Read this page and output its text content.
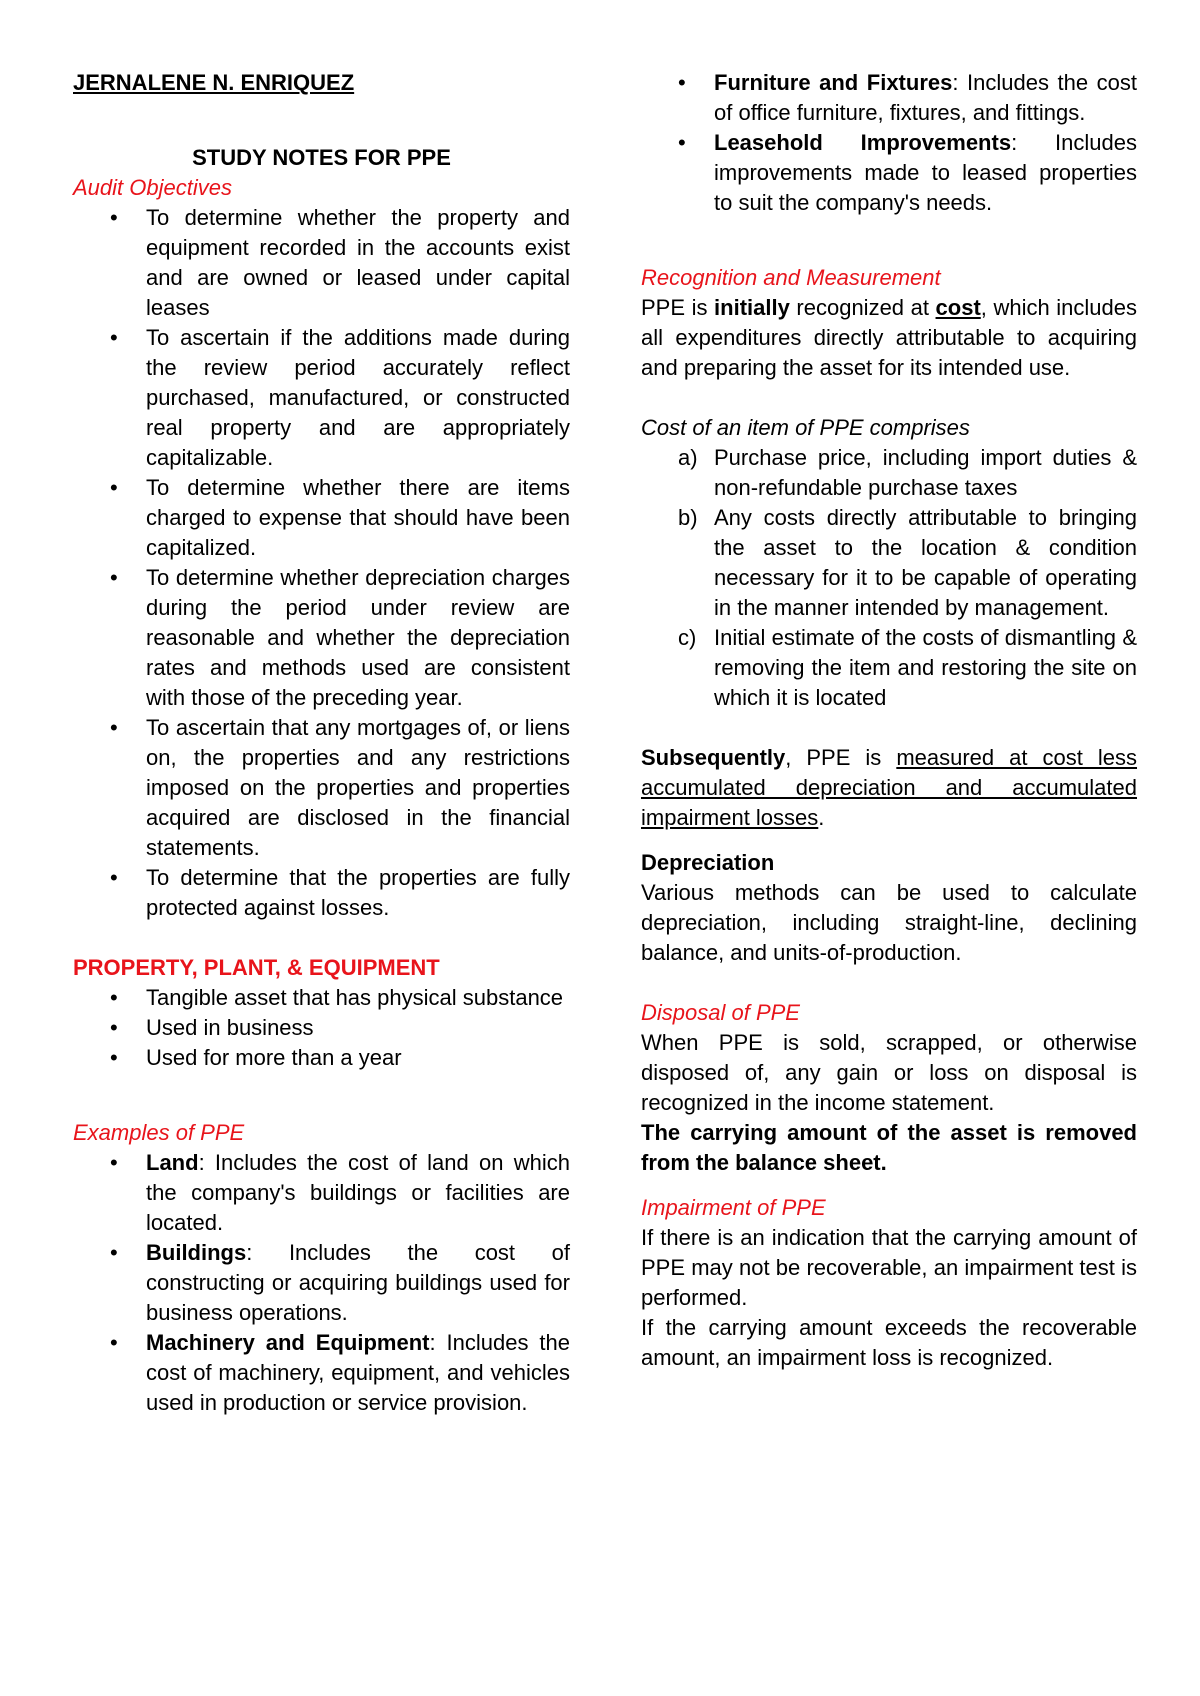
JERNALENE N. ENRIQUEZ

STUDY NOTES FOR PPE

Audit Objectives

• To determine whether the property and equipment recorded in the accounts exist and are owned or leased under capital leases
• To ascertain if the additions made during the review period accurately reflect purchased, manufactured, or constructed real property and are appropriately capitalizable.
• To determine whether there are items charged to expense that should have been capitalized.
• To determine whether depreciation charges during the period under review are reasonable and whether the depreciation rates and methods used are consistent with those of the preceding year.
• To ascertain that any mortgages of, or liens on, the properties and any restrictions imposed on the properties and properties acquired are disclosed in the financial statements.
• To determine that the properties are fully protected against losses.

PROPERTY, PLANT, & EQUIPMENT

• Tangible asset that has physical substance
• Used in business
• Used for more than a year

Examples of PPE

• Land: Includes the cost of land on which the company's buildings or facilities are located.
• Buildings: Includes the cost of constructing or acquiring buildings used for business operations.
• Machinery and Equipment: Includes the cost of machinery, equipment, and vehicles used in production or service provision.
• Furniture and Fixtures: Includes the cost of office furniture, fixtures, and fittings.
• Leasehold Improvements: Includes improvements made to leased properties to suit the company's needs.

Recognition and Measurement

PPE is initially recognized at cost, which includes all expenditures directly attributable to acquiring and preparing the asset for its intended use.

Cost of an item of PPE comprises

a) Purchase price, including import duties & non-refundable purchase taxes
b) Any costs directly attributable to bringing the asset to the location & condition necessary for it to be capable of operating in the manner intended by management.
c) Initial estimate of the costs of dismantling & removing the item and restoring the site on which it is located

Subsequently, PPE is measured at cost less accumulated depreciation and accumulated impairment losses.

Depreciation

Various methods can be used to calculate depreciation, including straight-line, declining balance, and units-of-production.

Disposal of PPE

When PPE is sold, scrapped, or otherwise disposed of, any gain or loss on disposal is recognized in the income statement.

The carrying amount of the asset is removed from the balance sheet.

Impairment of PPE

If there is an indication that the carrying amount of PPE may not be recoverable, an impairment test is performed.

If the carrying amount exceeds the recoverable amount, an impairment loss is recognized.
